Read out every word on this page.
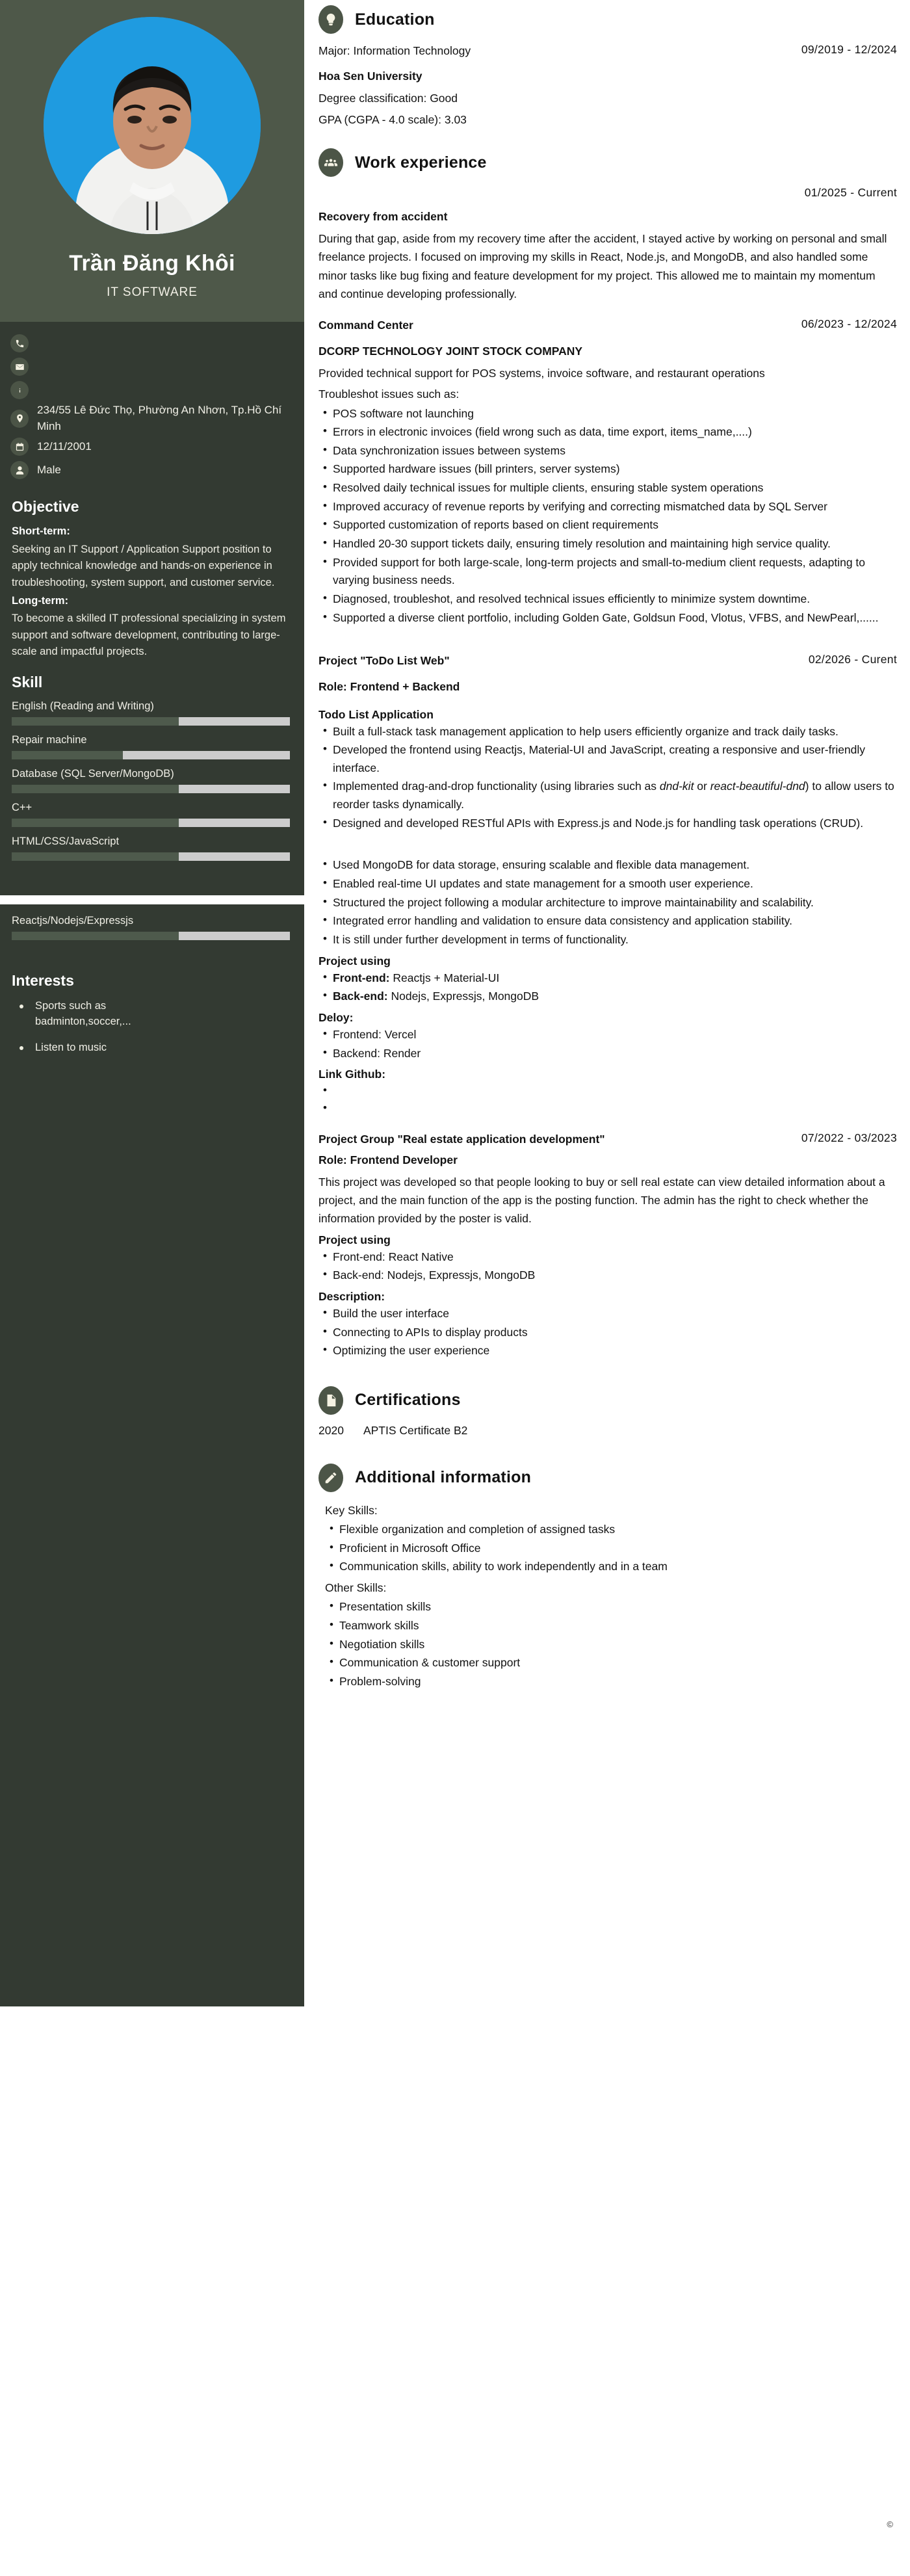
Trần Đăng Khôi
IT SOFTWARE
234/55 Lê Đức Thọ, Phường An Nhơn, Tp.Hồ Chí Minh
12/11/2001
Male
Objective
Short-term:
Seeking an IT Support / Application Support position to apply technical knowledge and hands-on experience in troubleshooting, system support, and customer service.
Long-term:
To become a skilled IT professional specializing in system support and software development, contributing to large-scale and impactful projects.
Skill
English (Reading and Writing)
Repair machine
Database (SQL Server/MongoDB)
C++
HTML/CSS/JavaScript
Reactjs/Nodejs/Expressjs
Interests
Sports such as badminton,soccer,...
Listen to music
Education
Major: Information Technology	09/2019 - 12/2024
Hoa Sen University
Degree classification: Good
GPA (CGPA - 4.0 scale): 3.03
Work experience
01/2025 - Current
Recovery from accident
During that gap, aside from my recovery time after the accident, I stayed active by working on personal and small freelance projects. I focused on improving my skills in React, Node.js, and MongoDB, and also handled some minor tasks like bug fixing and feature development for my project. This allowed me to maintain my momentum and continue developing professionally.
Command Center	06/2023 - 12/2024
DCORP TECHNOLOGY JOINT STOCK COMPANY
Provided technical support for POS systems, invoice software, and restaurant operations
Troubleshot issues such as:
• POS software not launching
• Errors in electronic invoices (field wrong such as data, time export, items_name,....)
• Data synchronization issues between systems
• Supported hardware issues (bill printers, server systems)
• Resolved daily technical issues for multiple clients, ensuring stable system operations
• Improved accuracy of revenue reports by verifying and correcting mismatched data by SQL Server
• Supported customization of reports based on client requirements
• Handled 20-30 support tickets daily, ensuring timely resolution and maintaining high service quality.
• Provided support for both large-scale, long-term projects and small-to-medium client requests, adapting to varying business needs.
• Diagnosed, troubleshot, and resolved technical issues efficiently to minimize system downtime.
• Supported a diverse client portfolio, including Golden Gate, Goldsun Food, Vlotus, VFBS, and NewPearl,......
Project "ToDo List Web"	02/2026 - Curent
Role: Frontend + Backend
Todo List Application
• Built a full-stack task management application to help users efficiently organize and track daily tasks.
• Developed the frontend using Reactjs, Material-UI and JavaScript, creating a responsive and user-friendly interface.
• Implemented drag-and-drop functionality (using libraries such as dnd-kit or react-beautiful-dnd) to allow users to reorder tasks dynamically.
• Designed and developed RESTful APIs with Express.js and Node.js for handling task operations (CRUD).
• Used MongoDB for data storage, ensuring scalable and flexible data management.
• Enabled real-time UI updates and state management for a smooth user experience.
• Structured the project following a modular architecture to improve maintainability and scalability.
• Integrated error handling and validation to ensure data consistency and application stability.
• It is still under further development in terms of functionality.
Project using
• Front-end: Reactjs + Material-UI
• Back-end: Nodejs, Expressjs, MongoDB
Deloy:
• Frontend: Vercel
• Backend: Render
Link Github:
•
•
Project Group "Real estate application development"	07/2022 - 03/2023
Role: Frontend Developer
This project was developed so that people looking to buy or sell real estate can view detailed information about a project, and the main function of the app is the posting function. The admin has the right to check whether the information provided by the poster is valid.
Project using
• Front-end: React Native
• Back-end: Nodejs, Expressjs, MongoDB
Description:
• Build the user interface
• Connecting to APIs to display products
• Optimizing the user experience
Certifications
2020 APTIS Certificate B2
Additional information
Key Skills:
• Flexible organization and completion of assigned tasks
• Proficient in Microsoft Office
• Communication skills, ability to work independently and in a team
Other Skills:
• Presentation skills
• Teamwork skills
• Negotiation skills
• Communication & customer support
• Problem-solving
©
